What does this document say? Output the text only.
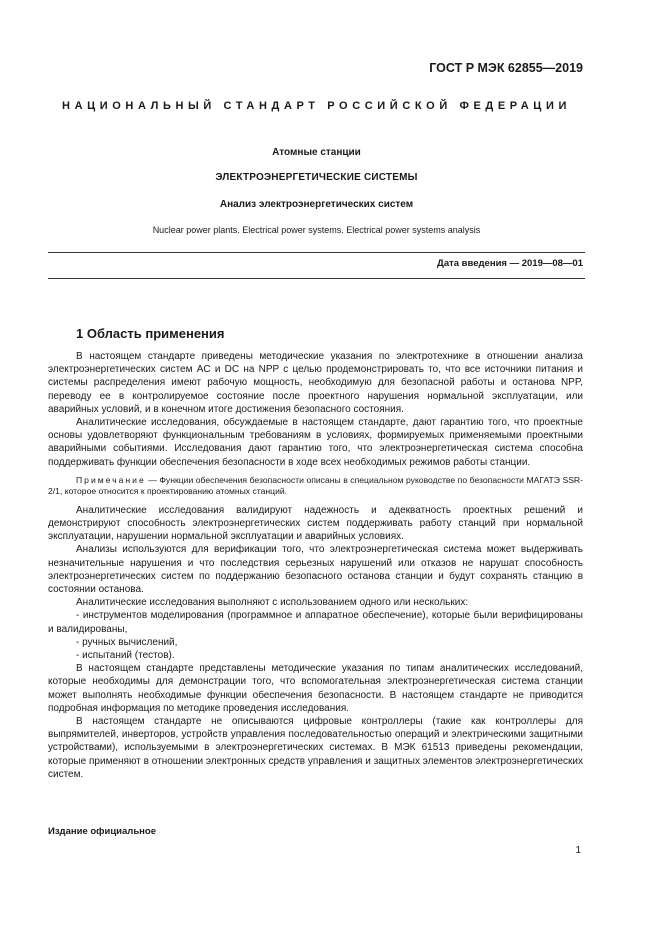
ГОСТ Р МЭК 62855—2019
НАЦИОНАЛЬНЫЙ СТАНДАРТ РОССИЙСКОЙ ФЕДЕРАЦИИ
Атомные станции
ЭЛЕКТРОЭНЕРГЕТИЧЕСКИЕ СИСТЕМЫ
Анализ электроэнергетических систем
Nuclear power plants. Electrical power systems. Electrical power systems analysis
Дата введения — 2019—08—01
1 Область применения

В настоящем стандарте приведены методические указания по электротехнике в отношении анализа электроэнергетических систем AC и DC на NPP с целью продемонстрировать то, что все источники питания и системы распределения имеют рабочую мощность, необходимую для безопасной работы и останова NPP, переводу ее в контролируемое состояние после проектного нарушения нормальной эксплуатации, или аварийных условий, и в конечном итоге достижения безопасного состояния.

Аналитические исследования, обсуждаемые в настоящем стандарте, дают гарантию того, что проектные основы удовлетворяют функциональным требованиям в условиях, формируемых применяемыми проектными аварийными событиями. Исследования дают гарантию того, что электроэнергетическая система способна поддерживать функции обеспечения безопасности в ходе всех необходимых режимов работы станции.

Примечание — Функции обеспечения безопасности описаны в специальном руководстве по безопасности МАГАТЭ SSR-2/1, которое относится к проектированию атомных станций.

Аналитические исследования валидируют надежность и адекватность проектных решений и демонстрируют способность электроэнергетических систем поддерживать работу станций при нормальной эксплуатации, нарушении нормальной эксплуатации и аварийных условиях.

Анализы используются для верификации того, что электроэнергетическая система может выдерживать незначительные нарушения и что последствия серьезных нарушений или отказов не нарушат способность электроэнергетических систем по поддержанию безопасного останова станции и будут сохранять станцию в состоянии останова.

Аналитические исследования выполняют с использованием одного или нескольких:

- инструментов моделирования (программное и аппаратное обеспечение), которые были верифицированы и валидированы,

- ручных вычислений,

- испытаний (тестов).

В настоящем стандарте представлены методические указания по типам аналитических исследований, которые необходимы для демонстрации того, что вспомогательная электроэнергетическая система станции может выполнять необходимые функции обеспечения безопасности. В настоящем стандарте не приводится подробная информация по методике проведения исследования.

В настоящем стандарте не описываются цифровые контроллеры (такие как контроллеры для выпрямителей, инверторов, устройств управления последовательностью операций и электрическими защитными устройствами), используемыми в электроэнергетических системах. В МЭК 61513 приведены рекомендации, которые применяют в отношении электронных средств управления и защитных элементов электроэнергетических систем.

Издание официальное
1
